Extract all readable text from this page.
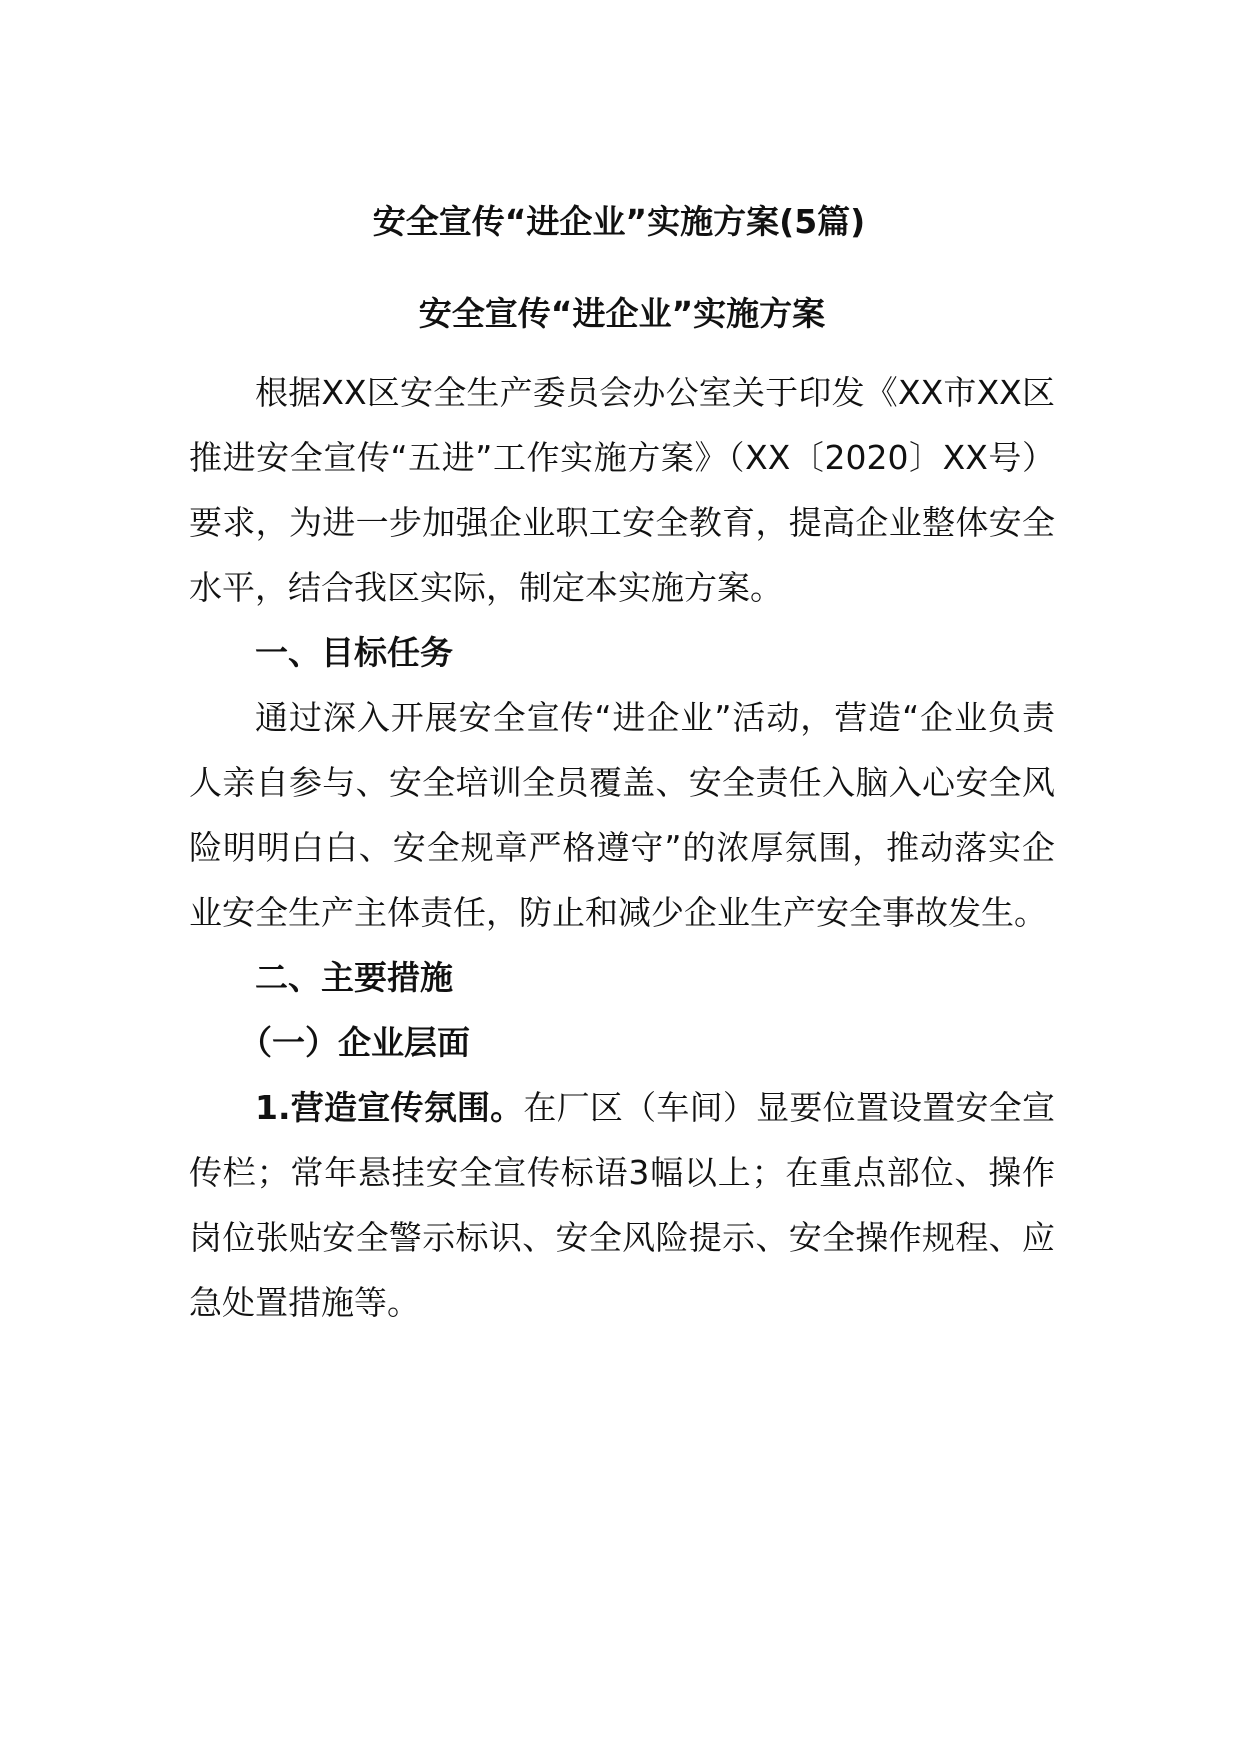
安全宣传“进企业”实施方案(5篇)

安全宣传“进企业”实施方案

根据XX区安全生产委员会办公室关于印发《XX市XX区推进安全宣传“五进”工作实施方案》（XX〔2020〕XX号）要求，为进一步加强企业职工安全教育，提高企业整体安全水平，结合我区实际，制定本实施方案。

一、目标任务

通过深入开展安全宣传“进企业”活动，营造“企业负责人亲自参与、安全培训全员覆盖、安全责任入脑入心安全风险明明白白、安全规章严格遵守”的浓厚氛围，推动落实企业安全生产主体责任，防止和减少企业生产安全事故发生。

二、主要措施

（一）企业层面

1.营造宣传氛围。在厂区（车间）显要位置设置安全宣传栏；常年悬挂安全宣传标语3幅以上；在重点部位、操作岗位张贴安全警示标识、安全风险提示、安全操作规程、应急处置措施等。
